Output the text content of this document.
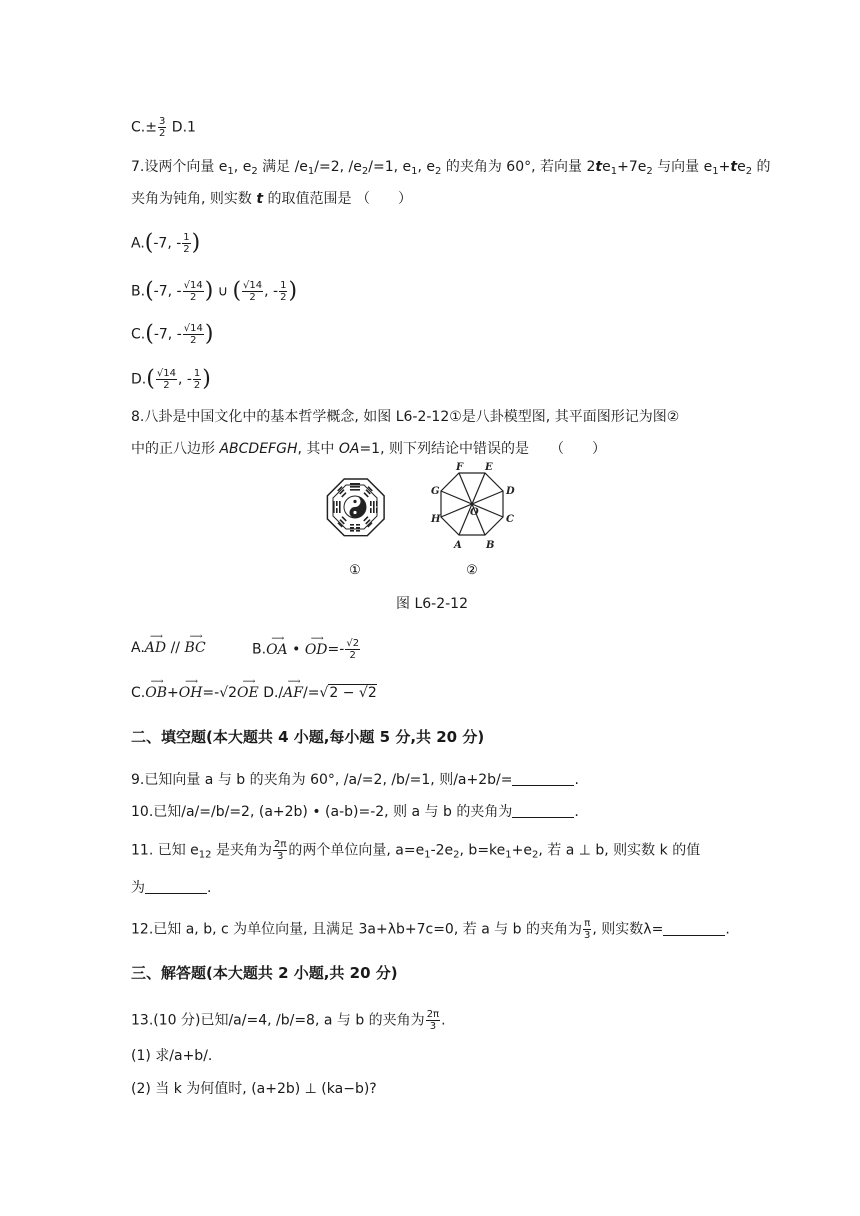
$C.\pm \frac{3}{2} D.1$
7.设两个向量 $e_1$, $e_2$ 满足 $/e_1/=2$, $/e_2/=1$, $e_1$, $e_2$ 的夹角为 60°, 若向量 $2te_1+7e_2$ 与向量 $e_1+te_2$ 的
夹角为钝角, 则实数 t 的取值范围是 （　　）
A.(-7, - $\frac{1}{2}$ )
B.(-7, - $\frac{√14}{2}$ ) ∪ ( $\frac{√14}{2}$ , - $\frac{1}{2}$ )
C.(-7, - $\frac{√14}{2}$ )
$D.( \frac{√14}{2}$ , - $\frac{1}{2}$ )
8.八卦是中国文化中的基本哲学概念, 如图 L6-2-12①是八卦模型图, 其平面图形记为图②
中的正八边形 ABCDEFGH, 其中 OA=1, 则下列结论中错误的是　　（　　）
①
F E
D
C
B
A
H
G
O
②
图 L6-2-12
A.⟶ AD // ⟶ BC	B.⟶ OA • ⟶ $OD=- \frac{√2}{2}$
C.⟶ OB+⟶ OH=-√2⟶ OE D./⟶ AF/=√2 − √2
二、填空题(本大题共 4 小题,每小题 5 分,共 20 分)
9.已知向量 a 与 b 的夹角为 60°, /a/=2, /b/=1, 则/a+2b/=	.
10.已知/a/=/b/=2, (a+2b) • (a-b)=-2, 则 a 与 b 的夹角为	.
11. 已知 $e_{12}$ 是夹角为 $\frac{2\pi}{3}$ 的两个单位向量, $a=e_1-2e_2$, $b=ke_1+e_2$, 若 a ⊥ b, 则实数 k 的值
为	.
12.已知 a, b, c 为单位向量, 且满足 3a+λb+7c=0, 若 a 与 b 的夹角为 $\frac{\pi}{3}$ , 则实数λ=	.
三、解答题(本大题共 2 小题,共 20 分)
13.(10 分)已知/a/=4, /b/=8, a 与 b 的夹角为 $\frac{2\pi}{3}$ .
(1) 求/a+b/.
(2) 当 k 为何值时, (a+2b) ⊥ (ka−b)?
